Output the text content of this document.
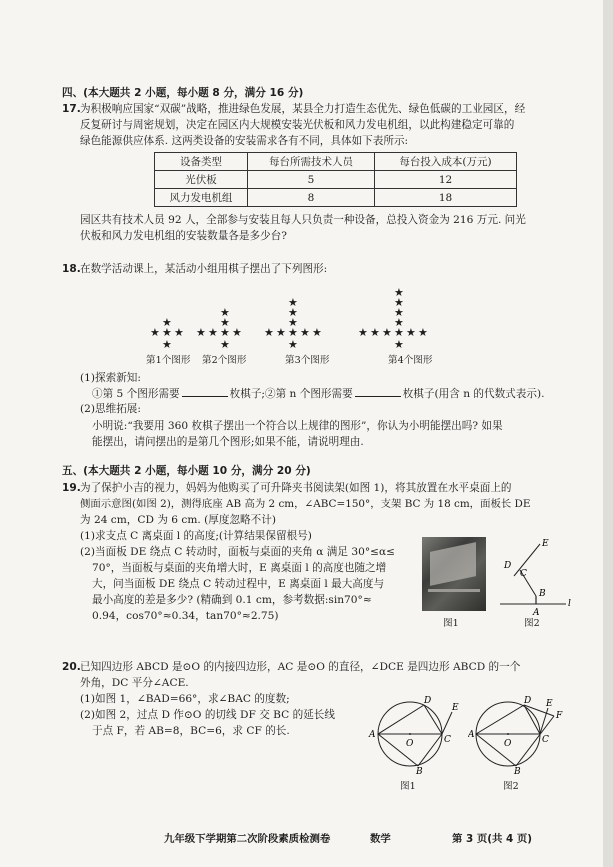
四、(本大题共 2 小题，每小题 8 分，满分 16 分)
17. 为积极响应国家“双碳”战略，推进绿色发展，某县全力打造生态优先、绿色低碳的工业园区，经
反复研讨与周密规划，决定在园区内大规模安装光伏板和风力发电机组，以此构建稳定可靠的
绿色能源供应体系. 这两类设备的安装需求各有不同，具体如下表所示:
设备类型	每台所需技术人员	每台投入成本(万元)
光伏板	5	12
风力发电机组	8	18
园区共有技术人员 92 人，全部参与安装且每人只负责一种设备，总投入资金为 216 万元. 问光
伏板和风力发电机组的安装数量各是多少台?
18. 在数学活动课上，某活动小组用棋子摆出了下列图形:
★ ★ ★
★
★
★ ★ ★ ★
★
★
★
★ ★ ★ ★ ★
★
★
★
★
★ ★ ★ ★ ★ ★
★
★
★
★
★
第1个图形 第2个图形	第3个图形	第4个图形
(1)探索新知:
①第 5 个图形需要	枚棋子;②第 n 个图形需要	枚棋子(用含 n 的代数式表示).
(2)思维拓展:
小明说:“我要用 360 枚棋子摆出一个符合以上规律的图形”，你认为小明能摆出吗? 如果
能摆出，请问摆出的是第几个图形;如果不能，请说明理由.
五、(本大题共 2 小题，每小题 10 分，满分 20 分)
19. 为了保护小吉的视力，妈妈为他购买了可升降夹书阅读架(如图 1)，将其放置在水平桌面上的
侧面示意图(如图 2)，测得底座 AB 高为 2 cm，∠ABC=150°，支架 BC 为 18 cm，面板长 DE
为 24 cm，CD 为 6 cm. (厚度忽略不计)
(1)求支点 C 离桌面 l 的高度;(计算结果保留根号)
(2)当面板 DE 绕点 C 转动时，面板与桌面的夹角 α 满足 30°≤α≤
70°，当面板与桌面的夹角增大时，E 离桌面 l 的高度也随之增
大，问当面板 DE 绕点 C 转动过程中，E 离桌面 l 最大高度与
最小高度的差是多少? (精确到 0.1 cm，参考数据:sin70°≈
0.94，cos70°≈0.34，tan70°≈2.75)
图1
E
D
C
B
A
l
图2
20. 已知四边形 ABCD 是⊙O 的内接四边形，AC 是⊙O 的直径，∠DCE 是四边形 ABCD 的一个
外角，DC 平分∠ACE.
(1)如图 1，∠BAD=66°，求∠BAC 的度数;
(2)如图 2，过点 D 作⊙O 的切线 DF 交 BC 的延长线
于点 F，若 AB=8，BC=6，求 CF 的长.
D
E
A
O	C
B
图1
D E
F
A
O	C
B
图2
九年级下学期第二次阶段素质检测卷	数学	第 3 页(共 4 页)
